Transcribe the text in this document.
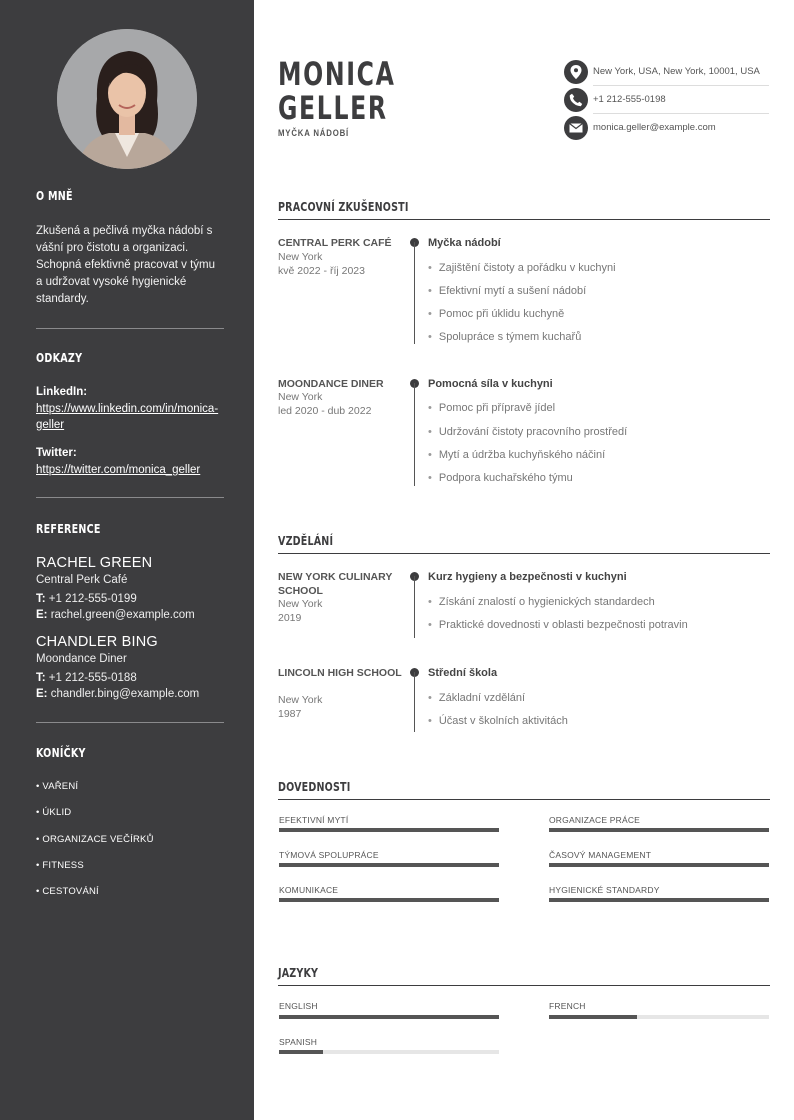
O MNĚ

Zkušená a pečlivá myčka nádobí s vášní pro čistotu a organizaci. Schopná efektivně pracovat v týmu a udržovat vysoké hygienické standardy.

ODKAZY
LinkedIn:
https://www.linkedin.com/in/monica-geller
Twitter:
https://twitter.com/monica_geller
REFERENCE
RACHEL GREEN
Central Perk Café
T: +1 212-555-0199
E: rachel.green@example.com
CHANDLER BING
Moondance Diner
T: +1 212-555-0188
E: chandler.bing@example.com
KONÍČKY
• VAŘENÍ
• ÚKLID
• ORGANIZACE VEČÍRKŮ
• FITNESS
• CESTOVÁNÍ
MONICA
GELLER
MYČKA NÁDOBÍ
New York, USA, New York, 10001, USA
+1 212-555-0198
monica.geller@example.com
PRACOVNÍ ZKUŠENOSTI
CENTRAL PERK CAFÉ
New York
kvě 2022 - říj 2023
Myčka nádobí
• Zajištění čistoty a pořádku v kuchyni
• Efektivní mytí a sušení nádobí
• Pomoc při úklidu kuchyně
• Spolupráce s týmem kuchařů
MOONDANCE DINER
New York
led 2020 - dub 2022
Pomocná síla v kuchyni
• Pomoc při přípravě jídel
• Udržování čistoty pracovního prostředí
• Mytí a údržba kuchyňského náčiní
• Podpora kuchařského týmu
VZDĚLÁNÍ
NEW YORK CULINARY SCHOOL
New York
2019
Kurz hygieny a bezpečnosti v kuchyni
• Získání znalostí o hygienických standardech
• Praktické dovednosti v oblasti bezpečnosti potravin
LINCOLN HIGH SCHOOL
New York
1987
Střední škola
• Základní vzdělání
• Účast v školních aktivitách
DOVEDNOSTI
EFEKTIVNÍ MYTÍ	ORGANIZACE PRÁCE
TÝMOVÁ SPOLUPRÁCE	ČASOVÝ MANAGEMENT
KOMUNIKACE	HYGIENICKÉ STANDARDY
JAZYKY
ENGLISH	FRENCH
SPANISH
